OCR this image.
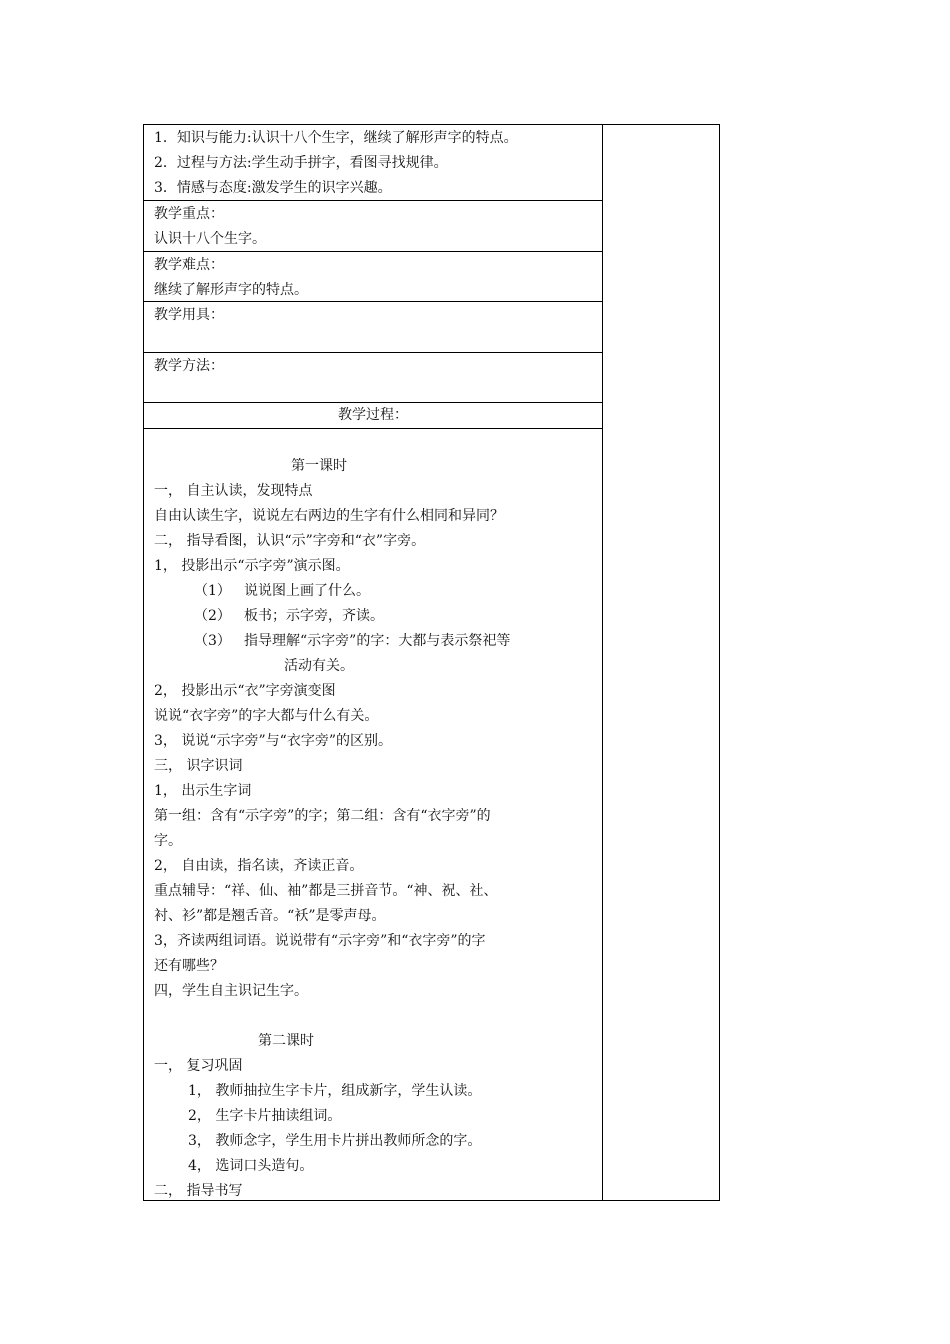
1．知识与能力:认识十八个生字，继续了解形声字的特点。
2．过程与方法:学生动手拼字，看图寻找规律。
3．情感与态度:激发学生的识字兴趣。
教学重点：
认识十八个生字。
教学难点：
继续了解形声字的特点。
教学用具：
教学方法：
教学过程：
第一课时
一， 自主认读，发现特点
自由认读生字，说说左右两边的生字有什么相同和异同？
二， 指导看图，认识“示”字旁和“衣”字旁。
1， 投影出示“示字旁”演示图。
（1） 说说图上画了什么。
（2） 板书；示字旁，齐读。
（3） 指导理解“示字旁”的字：大都与表示祭祀等
活动有关。
2， 投影出示“衣”字旁演变图
说说“衣字旁”的字大都与什么有关。
3， 说说“示字旁”与“衣字旁”的区别。
三， 识字识词
1， 出示生字词
第一组：含有“示字旁”的字；第二组：含有“衣字旁”的
字。
2， 自由读，指名读，齐读正音。
重点辅导：“祥、仙、袖”都是三拼音节。“神、祝、社、
衬、衫”都是翘舌音。“袄”是零声母。
3，齐读两组词语。说说带有“示字旁”和“衣字旁”的字
还有哪些？
四，学生自主识记生字。
第二课时
一， 复习巩固
1， 教师抽拉生字卡片，组成新字，学生认读。
2， 生字卡片抽读组词。
3， 教师念字，学生用卡片拼出教师所念的字。
4， 选词口头造句。
二， 指导书写
